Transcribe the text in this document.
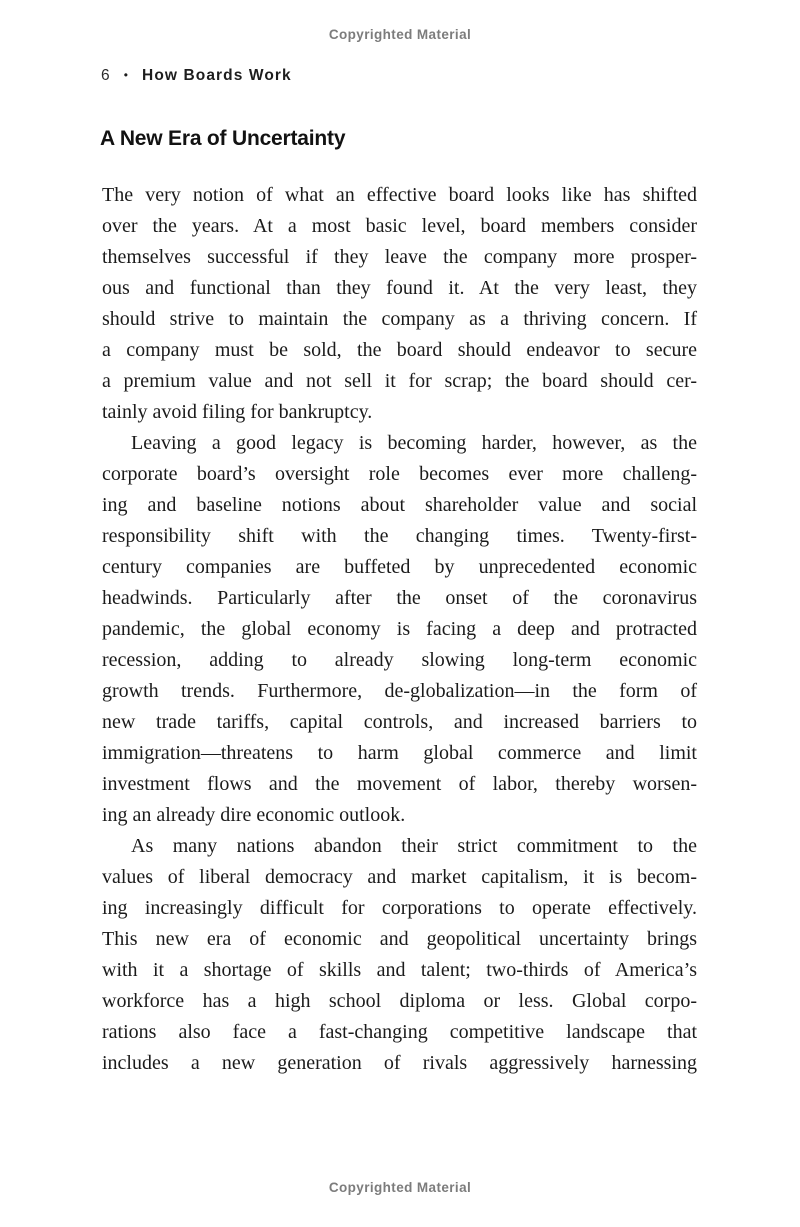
Copyrighted Material
6 • How Boards Work
A New Era of Uncertainty
The very notion of what an effective board looks like has shifted
over the years. At a most basic level, board members consider
themselves successful if they leave the company more prosper-
ous and functional than they found it. At the very least, they
should strive to maintain the company as a thriving concern. If
a company must be sold, the board should endeavor to secure
a premium value and not sell it for scrap; the board should cer-
tainly avoid filing for bankruptcy.
Leaving a good legacy is becoming harder, however, as the
corporate board’s oversight role becomes ever more challeng-
ing and baseline notions about shareholder value and social
responsibility shift with the changing times. Twenty-first-
century companies are buffeted by unprecedented economic
headwinds. Particularly after the onset of the coronavirus
pandemic, the global economy is facing a deep and protracted
recession, adding to already slowing long-term economic
growth trends. Furthermore, de-globalization—in the form of
new trade tariffs, capital controls, and increased barriers to
immigration—threatens to harm global commerce and limit
investment flows and the movement of labor, thereby worsen-
ing an already dire economic outlook.
As many nations abandon their strict commitment to the
values of liberal democracy and market capitalism, it is becom-
ing increasingly difficult for corporations to operate effectively.
This new era of economic and geopolitical uncertainty brings
with it a shortage of skills and talent; two-thirds of America’s
workforce has a high school diploma or less. Global corpo-
rations also face a fast-changing competitive landscape that
includes a new generation of rivals aggressively harnessing
Copyrighted Material
